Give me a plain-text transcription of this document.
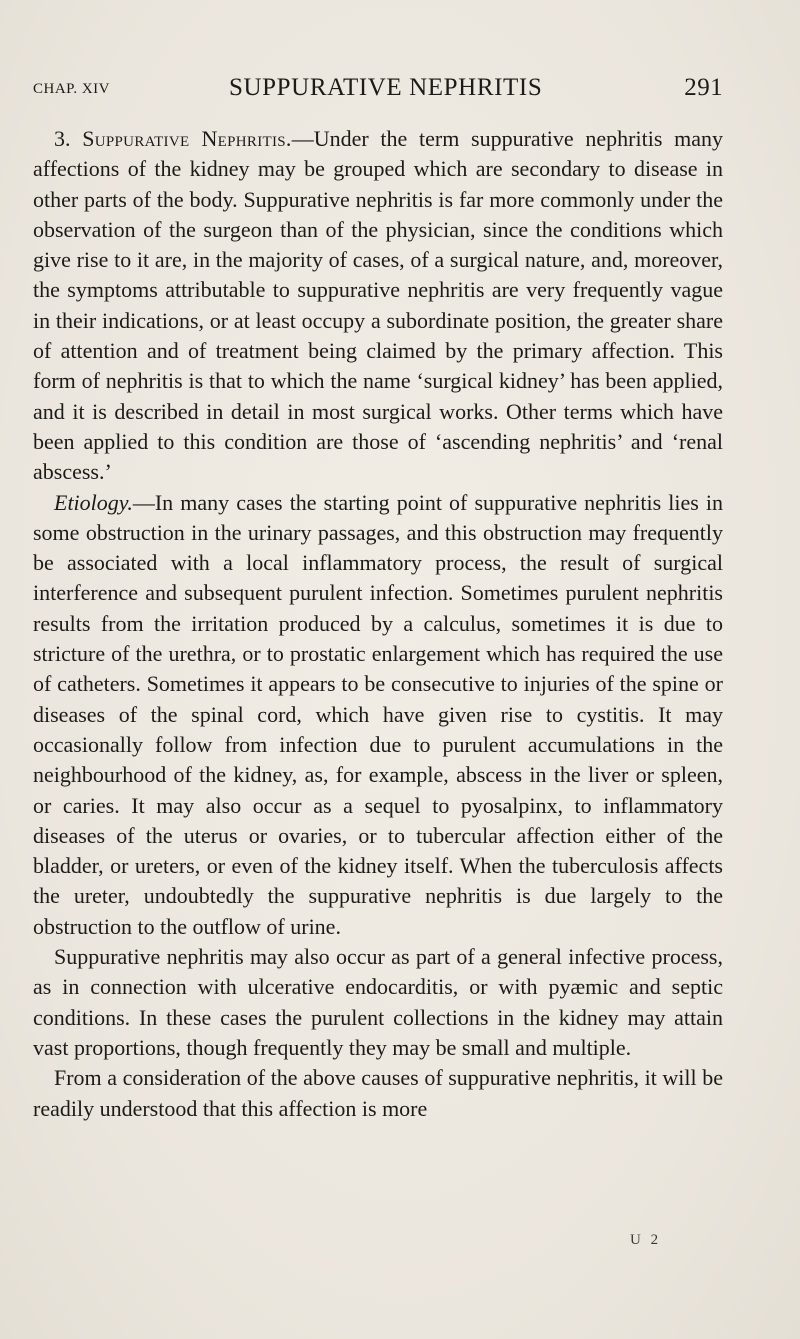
CHAP. XIV	SUPPURATIVE NEPHRITIS	291

3. Suppurative Nephritis.—Under the term suppurative nephritis many affections of the kidney may be grouped which are secondary to disease in other parts of the body. Suppurative nephritis is far more commonly under the observation of the surgeon than of the physician, since the conditions which give rise to it are, in the majority of cases, of a surgical nature, and, moreover, the symptoms attributable to suppurative nephritis are very frequently vague in their indications, or at least occupy a subordinate position, the greater share of attention and of treatment being claimed by the primary affection. This form of nephritis is that to which the name ‘surgical kidney’ has been applied, and it is described in detail in most surgical works. Other terms which have been applied to this condition are those of ‘ascending nephritis’ and ‘renal abscess.’

Etiology.—In many cases the starting point of suppurative nephritis lies in some obstruction in the urinary passages, and this obstruction may frequently be associated with a local inflammatory process, the result of surgical interference and subsequent purulent infection. Sometimes purulent nephritis results from the irritation produced by a calculus, sometimes it is due to stricture of the urethra, or to prostatic enlargement which has required the use of catheters. Sometimes it appears to be consecutive to injuries of the spine or diseases of the spinal cord, which have given rise to cystitis. It may occasionally follow from infection due to purulent accumulations in the neighbourhood of the kidney, as, for example, abscess in the liver or spleen, or caries. It may also occur as a sequel to pyosalpinx, to inflammatory diseases of the uterus or ovaries, or to tubercular affection either of the bladder, or ureters, or even of the kidney itself. When the tuberculosis affects the ureter, undoubtedly the suppurative nephritis is due largely to the obstruction to the outflow of urine.

Suppurative nephritis may also occur as part of a general infective process, as in connection with ulcerative endocarditis, or with pyæmic and septic conditions. In these cases the purulent collections in the kidney may attain vast proportions, though frequently they may be small and multiple.

From a consideration of the above causes of suppurative nephritis, it will be readily understood that this affection is more

U 2
